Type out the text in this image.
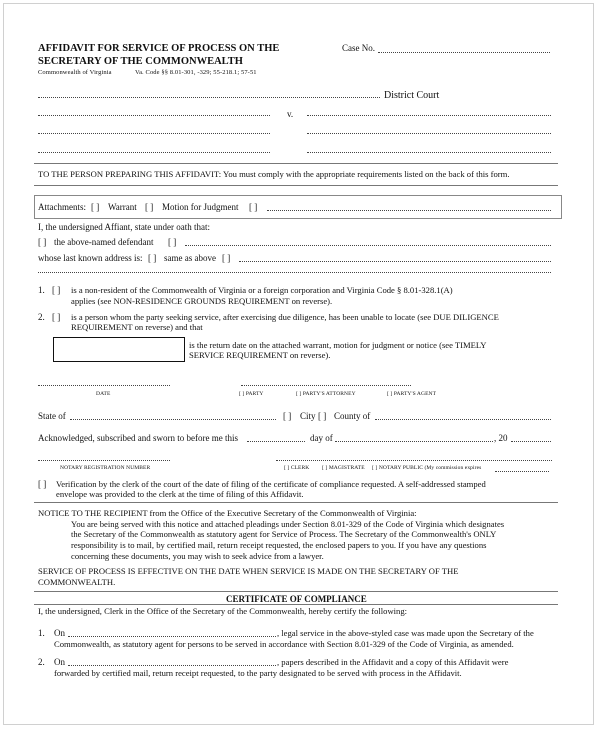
AFFIDAVIT FOR SERVICE OF PROCESS ON THE
SECRETARY OF THE COMMONWEALTH
Commonwealth of Virginia	Va. Code §§ 8.01-301, -329; 55-218.1; 57-51
Case No.
District Court
v.
TO THE PERSON PREPARING THIS AFFIDAVIT: You must comply with the appropriate requirements listed on the back of this form.
Attachments: [ ] Warrant [ ] Motion for Judgment [ ]
I, the undersigned Affiant, state under oath that:
[ ] the above-named defendant [ ]
whose last known address is: [ ] same as above [ ]
1. [ ] is a non-resident of the Commonwealth of Virginia or a foreign corporation and Virginia Code § 8.01-328.1(A)
applies (see NON-RESIDENCE GROUNDS REQUIREMENT on reverse).
2. [ ] is a person whom the party seeking service, after exercising due diligence, has been unable to locate (see DUE DILIGENCE
REQUIREMENT on reverse) and that
is the return date on the attached warrant, motion for judgment or notice (see TIMELY
SERVICE REQUIREMENT on reverse).
DATE	[ ] PARTY	[ ] PARTY'S ATTORNEY	[ ] PARTY'S AGENT
State of	[ ] City [ ] County of
Acknowledged, subscribed and sworn to before me this	day of	, 20
NOTARY REGISTRATION NUMBER	[ ] CLERK [ ] MAGISTRATE [ ] NOTARY PUBLIC (My commission expires
[ ] Verification by the clerk of the court of the date of filing of the certificate of compliance requested. A self-addressed stamped
envelope was provided to the clerk at the time of filing of this Affidavit.
NOTICE TO THE RECIPIENT from the Office of the Executive Secretary of the Commonwealth of Virginia:
You are being served with this notice and attached pleadings under Section 8.01-329 of the Code of Virginia which designates
the Secretary of the Commonwealth as statutory agent for Service of Process. The Secretary of the Commonwealth's ONLY
responsibility is to mail, by certified mail, return receipt requested, the enclosed papers to you. If you have any questions
concerning these documents, you may wish to seek advice from a lawyer.
SERVICE OF PROCESS IS EFFECTIVE ON THE DATE WHEN SERVICE IS MADE ON THE SECRETARY OF THE
COMMONWEALTH.
CERTIFICATE OF COMPLIANCE
I, the undersigned, Clerk in the Office of the Secretary of the Commonwealth, hereby certify the following:
1. On	, legal service in the above-styled case was made upon the Secretary of the
Commonwealth, as statutory agent for persons to be served in accordance with Section 8.01-329 of the Code of Virginia, as amended.
2. On	, papers described in the Affidavit and a copy of this Affidavit were
forwarded by certified mail, return receipt requested, to the party designated to be served with process in the Affidavit.
